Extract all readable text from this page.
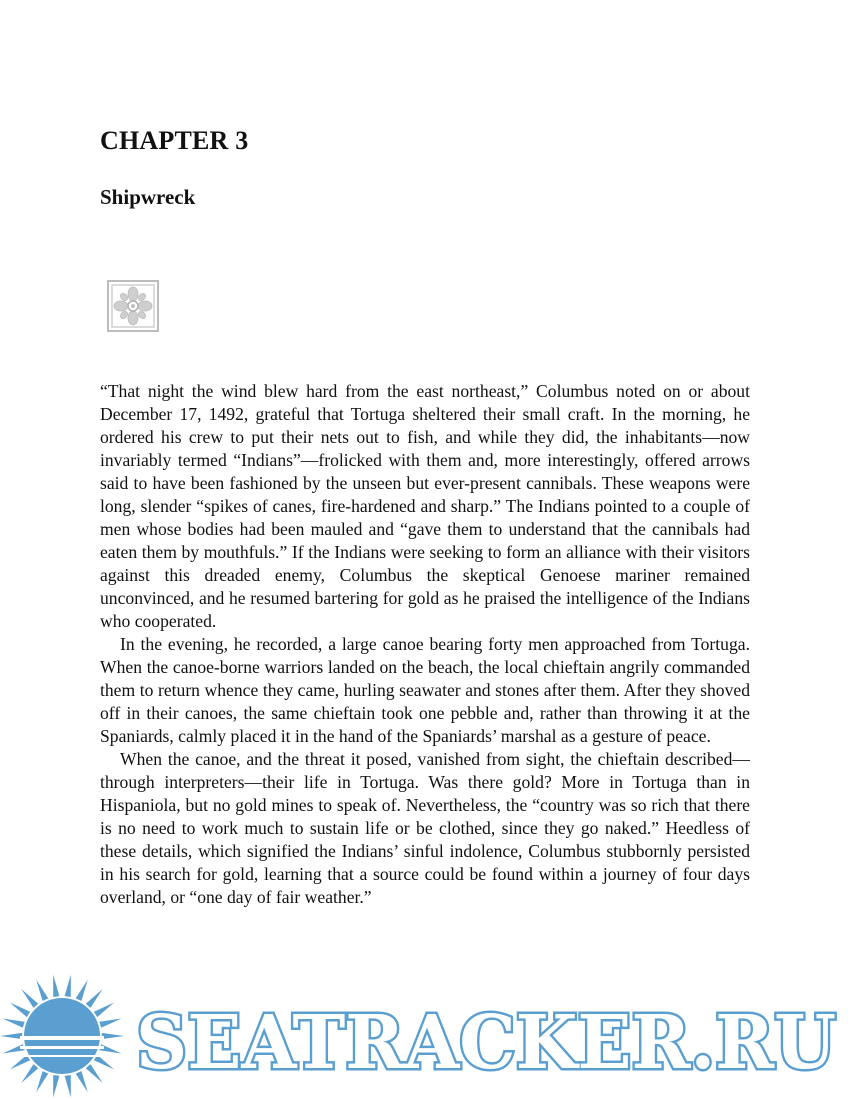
CHAPTER 3
Shipwreck

“That night the wind blew hard from the east northeast,” Columbus noted on or about December 17, 1492, grateful that Tortuga sheltered their small craft. In the morning, he ordered his crew to put their nets out to fish, and while they did, the inhabitants—now invariably termed “Indians”—frolicked with them and, more interestingly, offered arrows said to have been fashioned by the unseen but ever-present cannibals. These weapons were long, slender “spikes of canes, fire-hardened and sharp.” The Indians pointed to a couple of men whose bodies had been mauled and “gave them to understand that the cannibals had eaten them by mouthfuls.” If the Indians were seeking to form an alliance with their visitors against this dreaded enemy, Columbus the skeptical Genoese mariner remained unconvinced, and he resumed bartering for gold as he praised the intelligence of the Indians who cooperated.

In the evening, he recorded, a large canoe bearing forty men approached from Tortuga. When the canoe-borne warriors landed on the beach, the local chieftain angrily commanded them to return whence they came, hurling seawater and stones after them. After they shoved off in their canoes, the same chieftain took one pebble and, rather than throwing it at the Spaniards, calmly placed it in the hand of the Spaniards’ marshal as a gesture of peace.

When the canoe, and the threat it posed, vanished from sight, the chieftain described—through interpreters—their life in Tortuga. Was there gold? More in Tortuga than in Hispaniola, but no gold mines to speak of. Nevertheless, the “country was so rich that there is no need to work much to sustain life or be clothed, since they go naked.” Heedless of these details, which signified the Indians’ sinful indolence, Columbus stubbornly persisted in his search for gold, learning that a source could be found within a journey of four days overland, or “one day of fair weather.”

SEATRACKER.RU
